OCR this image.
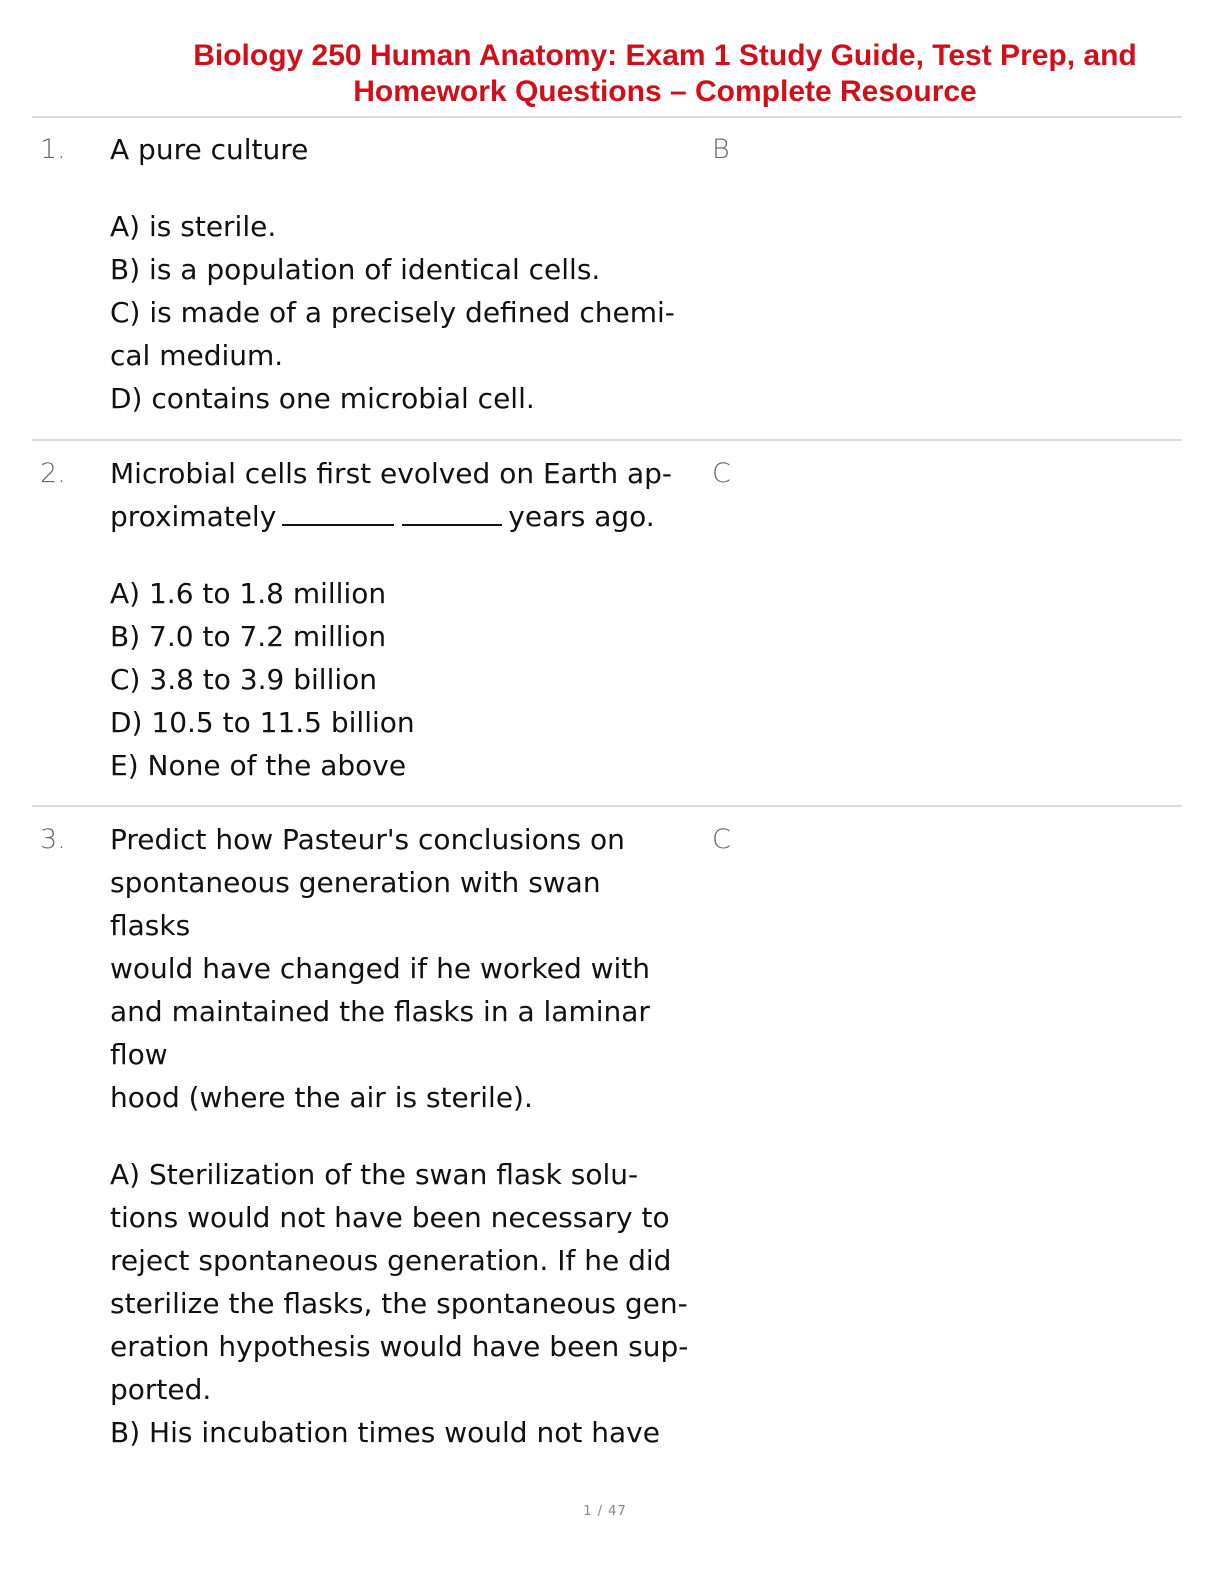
Biology 250 Human Anatomy: Exam 1 Study Guide, Test Prep, and
Homework Questions – Complete Resource
1.	B
A pure culture
A) is sterile.
B) is a population of identical cells.
C) is made of a precisely defined chemi-
cal medium.
D) contains one microbial cell.
2.	C
Microbial cells first evolved on Earth ap-
proximately	years ago.
A) 1.6 to 1.8 million
B) 7.0 to 7.2 million
C) 3.8 to 3.9 billion
D) 10.5 to 11.5 billion
E) None of the above
3.	C
Predict how Pasteur's conclusions on
spontaneous generation with swan
flasks
would have changed if he worked with
and maintained the flasks in a laminar
flow
hood (where the air is sterile).
A) Sterilization of the swan flask solu-
tions would not have been necessary to
reject spontaneous generation. If he did
sterilize the flasks, the spontaneous gen-
eration hypothesis would have been sup-
ported.
B) His incubation times would not have
1 / 47
